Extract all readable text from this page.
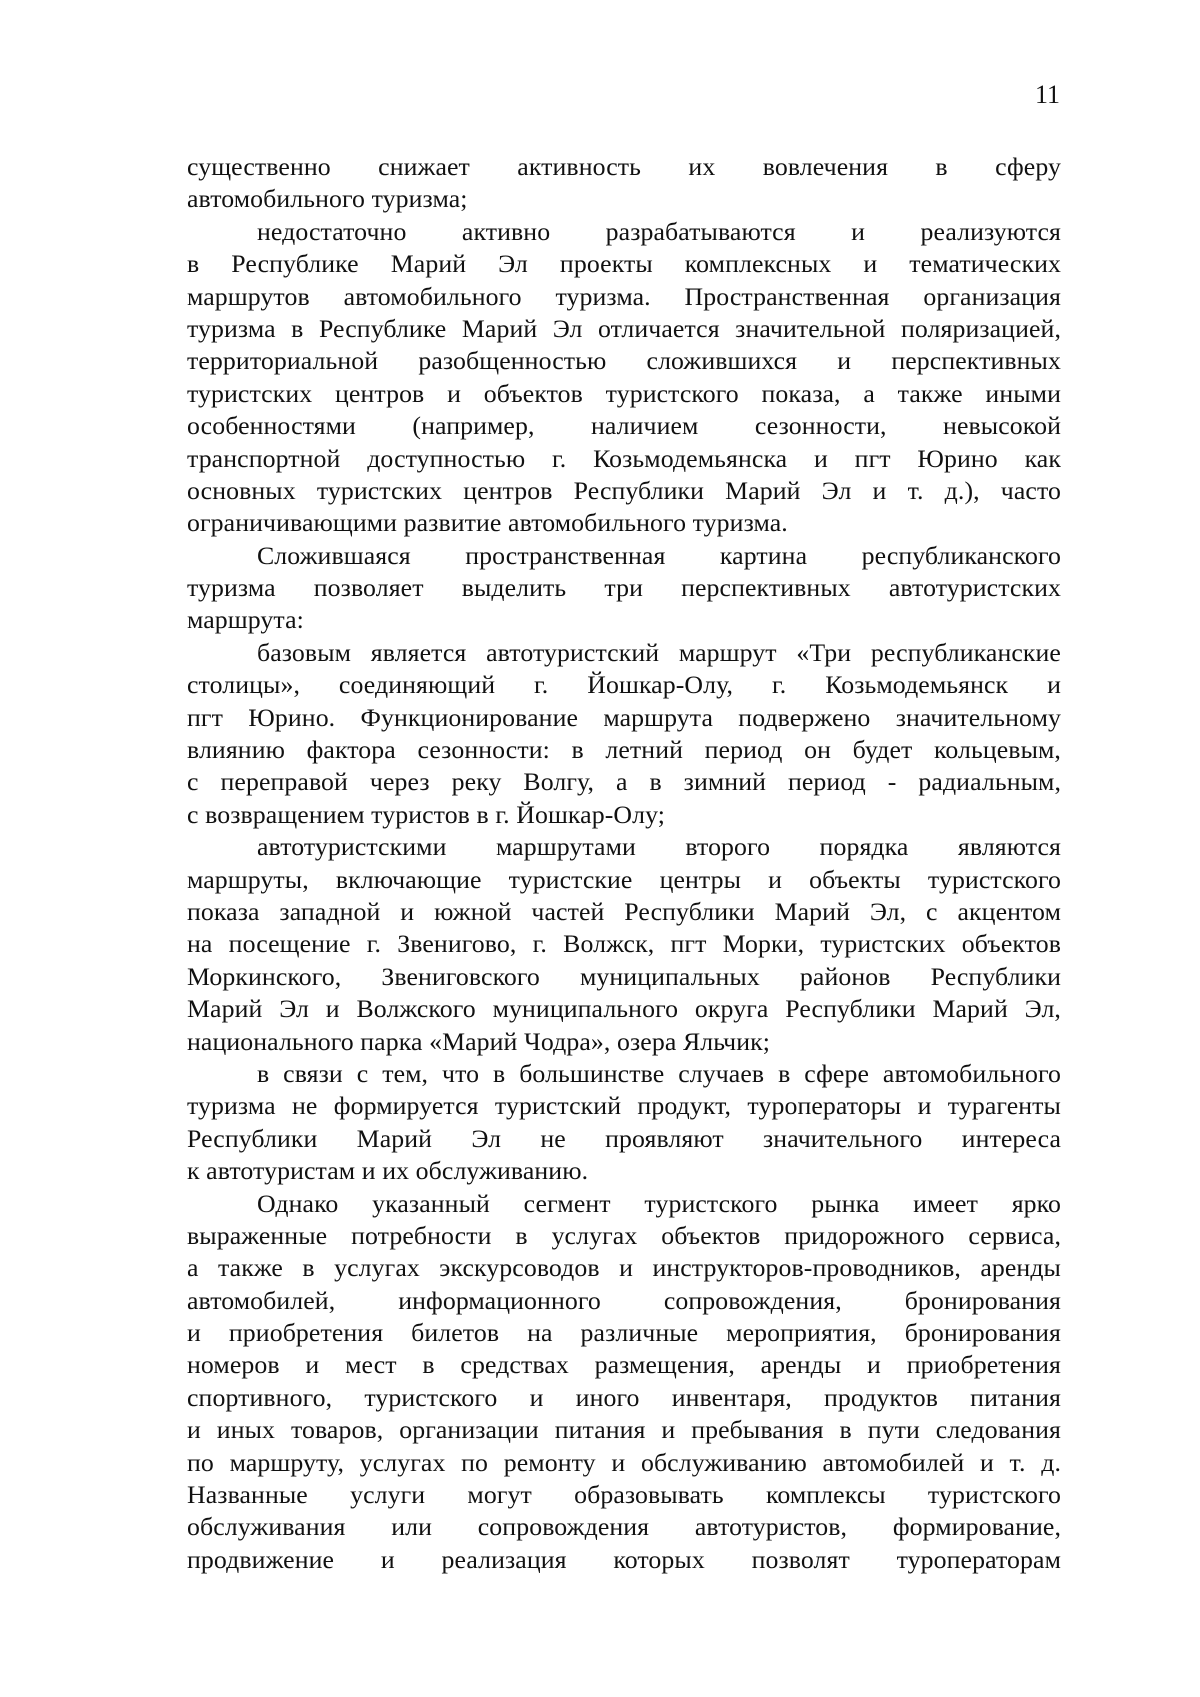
11
существенно снижает активность их вовлечения в сферу
автомобильного туризма;
недостаточно активно разрабатываются и реализуются
в Республике Марий Эл проекты комплексных и тематических
маршрутов автомобильного туризма. Пространственная организация
туризма в Республике Марий Эл отличается значительной поляризацией,
территориальной разобщенностью сложившихся и перспективных
туристских центров и объектов туристского показа, а также иными
особенностями (например, наличием сезонности, невысокой
транспортной доступностью г. Козьмодемьянска и пгт Юрино как
основных туристских центров Республики Марий Эл и т. д.), часто
ограничивающими развитие автомобильного туризма.
Сложившаяся пространственная картина республиканского
туризма позволяет выделить три перспективных автотуристских
маршрута:
базовым является автотуристский маршрут «Три республиканские
столицы», соединяющий г. Йошкар-Олу, г. Козьмодемьянск и
пгт Юрино. Функционирование маршрута подвержено значительному
влиянию фактора сезонности: в летний период он будет кольцевым,
с переправой через реку Волгу, а в зимний период - радиальным,
с возвращением туристов в г. Йошкар-Олу;
автотуристскими маршрутами второго порядка являются
маршруты, включающие туристские центры и объекты туристского
показа западной и южной частей Республики Марий Эл, с акцентом
на посещение г. Звенигово, г. Волжск, пгт Морки, туристских объектов
Моркинского, Звениговского муниципальных районов Республики
Марий Эл и Волжского муниципального округа Республики Марий Эл,
национального парка «Марий Чодра», озера Яльчик;
в связи с тем, что в большинстве случаев в сфере автомобильного
туризма не формируется туристский продукт, туроператоры и турагенты
Республики Марий Эл не проявляют значительного интереса
к автотуристам и их обслуживанию.
Однако указанный сегмент туристского рынка имеет ярко
выраженные потребности в услугах объектов придорожного сервиса,
а также в услугах экскурсоводов и инструкторов-проводников, аренды
автомобилей, информационного сопровождения, бронирования
и приобретения билетов на различные мероприятия, бронирования
номеров и мест в средствах размещения, аренды и приобретения
спортивного, туристского и иного инвентаря, продуктов питания
и иных товаров, организации питания и пребывания в пути следования
по маршруту, услугах по ремонту и обслуживанию автомобилей и т. д.
Названные услуги могут образовывать комплексы туристского
обслуживания или сопровождения автотуристов, формирование,
продвижение и реализация которых позволят туроператорам
